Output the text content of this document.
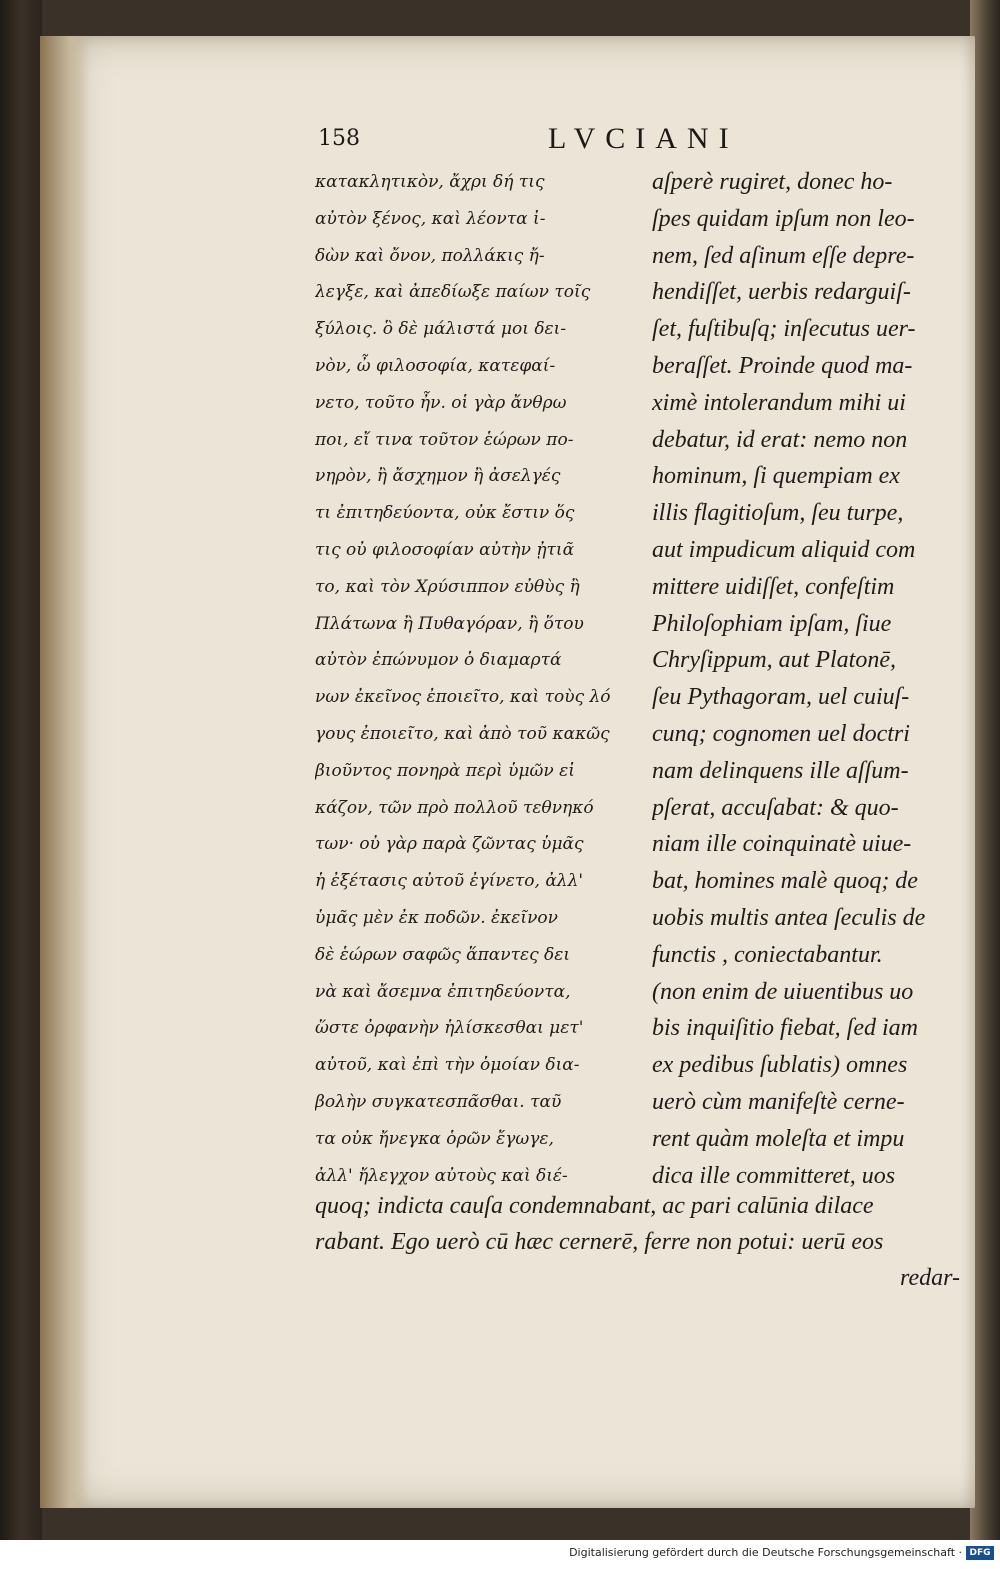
158	LVCIANI
κατακλητικὸν, ἄχρι δή τις
αὐτὸν ξένος, καὶ λέοντα ἰ-
δὼν καὶ ὄνον, πολλάκις ἤ-
λεγξε, καὶ ἀπεδίωξε παίων τοῖς
ξύλοις. ὃ δὲ μάλιστά μοι δει-
νὸν, ὦ φιλοσοφία, κατεφαί-
νετο, τοῦτο ἦν. οἱ γὰρ ἄνθρω
ποι, εἴ τινα τοῦτον ἑώρων πο-
νηρὸν, ἢ ἄσχημον ἢ ἀσελγές
τι ἐπιτηδεύοντα, οὐκ ἔστιν ὅς
τις οὐ φιλοσοφίαν αὐτὴν ᾐτιᾶ
το, καὶ τὸν Χρύσιππον εὐθὺς ἢ
Πλάτωνα ἢ Πυθαγόραν, ἢ ὅτου
αὐτὸν ἐπώνυμον ὁ διαμαρτά
νων ἐκεῖνος ἐποιεῖτο, καὶ τοὺς λό
γους ἐποιεῖτο, καὶ ἀπὸ τοῦ κακῶς
βιοῦντος πονηρὰ περὶ ὑμῶν εἰ
κάζον, τῶν πρὸ πολλοῦ τεθνηκό
των· οὐ γὰρ παρὰ ζῶντας ὑμᾶς
ἡ ἐξέτασις αὐτοῦ ἐγίνετο, ἀλλ'
ὑμᾶς μὲν ἐκ ποδῶν. ἐκεῖνον
δὲ ἑώρων σαφῶς ἅπαντες δει
νὰ καὶ ἄσεμνα ἐπιτηδεύοντα,
ὥστε ὀρφανὴν ἡλίσκεσθαι μετ'
αὐτοῦ, καὶ ἐπὶ τὴν ὁμοίαν δια-
βολὴν συγκατεσπᾶσθαι. ταῦ
τα οὐκ ἤνεγκα ὁρῶν ἔγωγε,
ἀλλ' ἤλεγχον αὐτοὺς καὶ διέ-
aſperè rugiret, donec ho-
ſpes quidam ipſum non leo-
nem, ſed aſinum eſſe depre-
hendiſſet, uerbis redarguiſ-
ſet, fuſtibuſq; inſecutus uer-
beraſſet. Proinde quod ma-
ximè intolerandum mihi ui
debatur, id erat: nemo non
hominum, ſi quempiam ex
illis flagitioſum, ſeu turpe,
aut impudicum aliquid com
mittere uidiſſet, confeſtim
Philoſophiam ipſam, ſiue
Chryſippum, aut Platonē,
ſeu Pythagoram, uel cuiuſ-
cunq; cognomen uel doctri
nam delinquens ille aſſum-
pſerat, accuſabat: & quo-
niam ille coinquinatè uiue-
bat, homines malè quoq; de
uobis multis antea ſeculis de
functis , coniectabantur.
(non enim de uiuentibus uo
bis inquiſitio fiebat, ſed iam
ex pedibus ſublatis) omnes
uerò cùm manifeſtè cerne-
rent quàm moleſta et impu
dica ille committeret, uos
quoq; indicta cauſa condemnabant, ac pari calūnia dilace
rabant. Ego uerò cū hæc cernerē, ferre non potui: uerū eos
redar-
Digitalisierung gefördert durch die Deutsche Forschungsgemeinschaft · DFG
